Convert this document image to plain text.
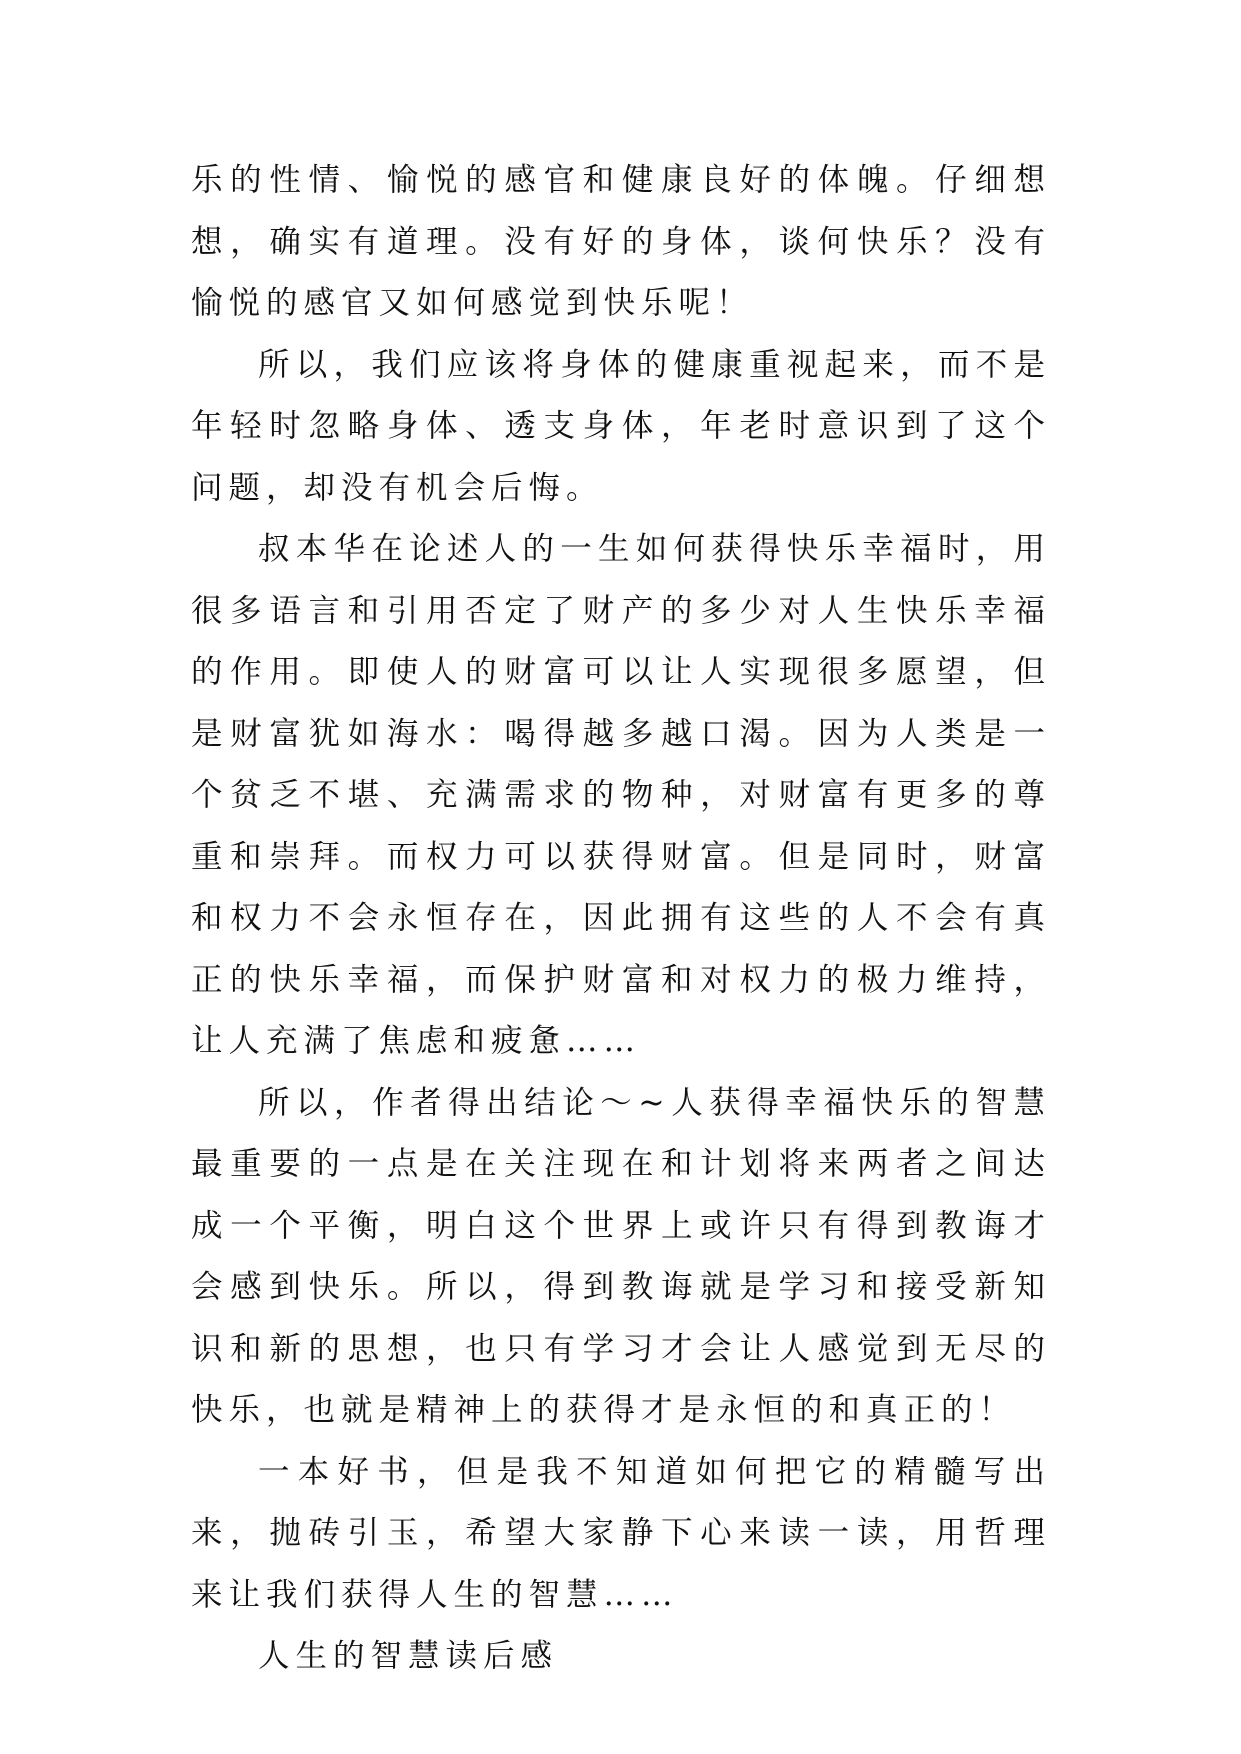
乐的性情、愉悦的感官和健康良好的体魄。仔细想想，确实有道理。没有好的身体，谈何快乐？没有愉悦的感官又如何感觉到快乐呢！

所以，我们应该将身体的健康重视起来，而不是年轻时忽略身体、透支身体，年老时意识到了这个问题，却没有机会后悔。

叔本华在论述人的一生如何获得快乐幸福时，用很多语言和引用否定了财产的多少对人生快乐幸福的作用。即使人的财富可以让人实现很多愿望，但是财富犹如海水：喝得越多越口渴。因为人类是一个贫乏不堪、充满需求的物种，对财富有更多的尊重和崇拜。而权力可以获得财富。但是同时，财富和权力不会永恒存在，因此拥有这些的人不会有真正的快乐幸福，而保护财富和对权力的极力维持，让人充满了焦虑和疲惫……

所以，作者得出结论～~人获得幸福快乐的智慧最重要的一点是在关注现在和计划将来两者之间达成一个平衡，明白这个世界上或许只有得到教诲才会感到快乐。所以，得到教诲就是学习和接受新知识和新的思想，也只有学习才会让人感觉到无尽的快乐，也就是精神上的获得才是永恒的和真正的！

一本好书，但是我不知道如何把它的精髓写出来，抛砖引玉，希望大家静下心来读一读，用哲理来让我们获得人生的智慧……

人生的智慧读后感
